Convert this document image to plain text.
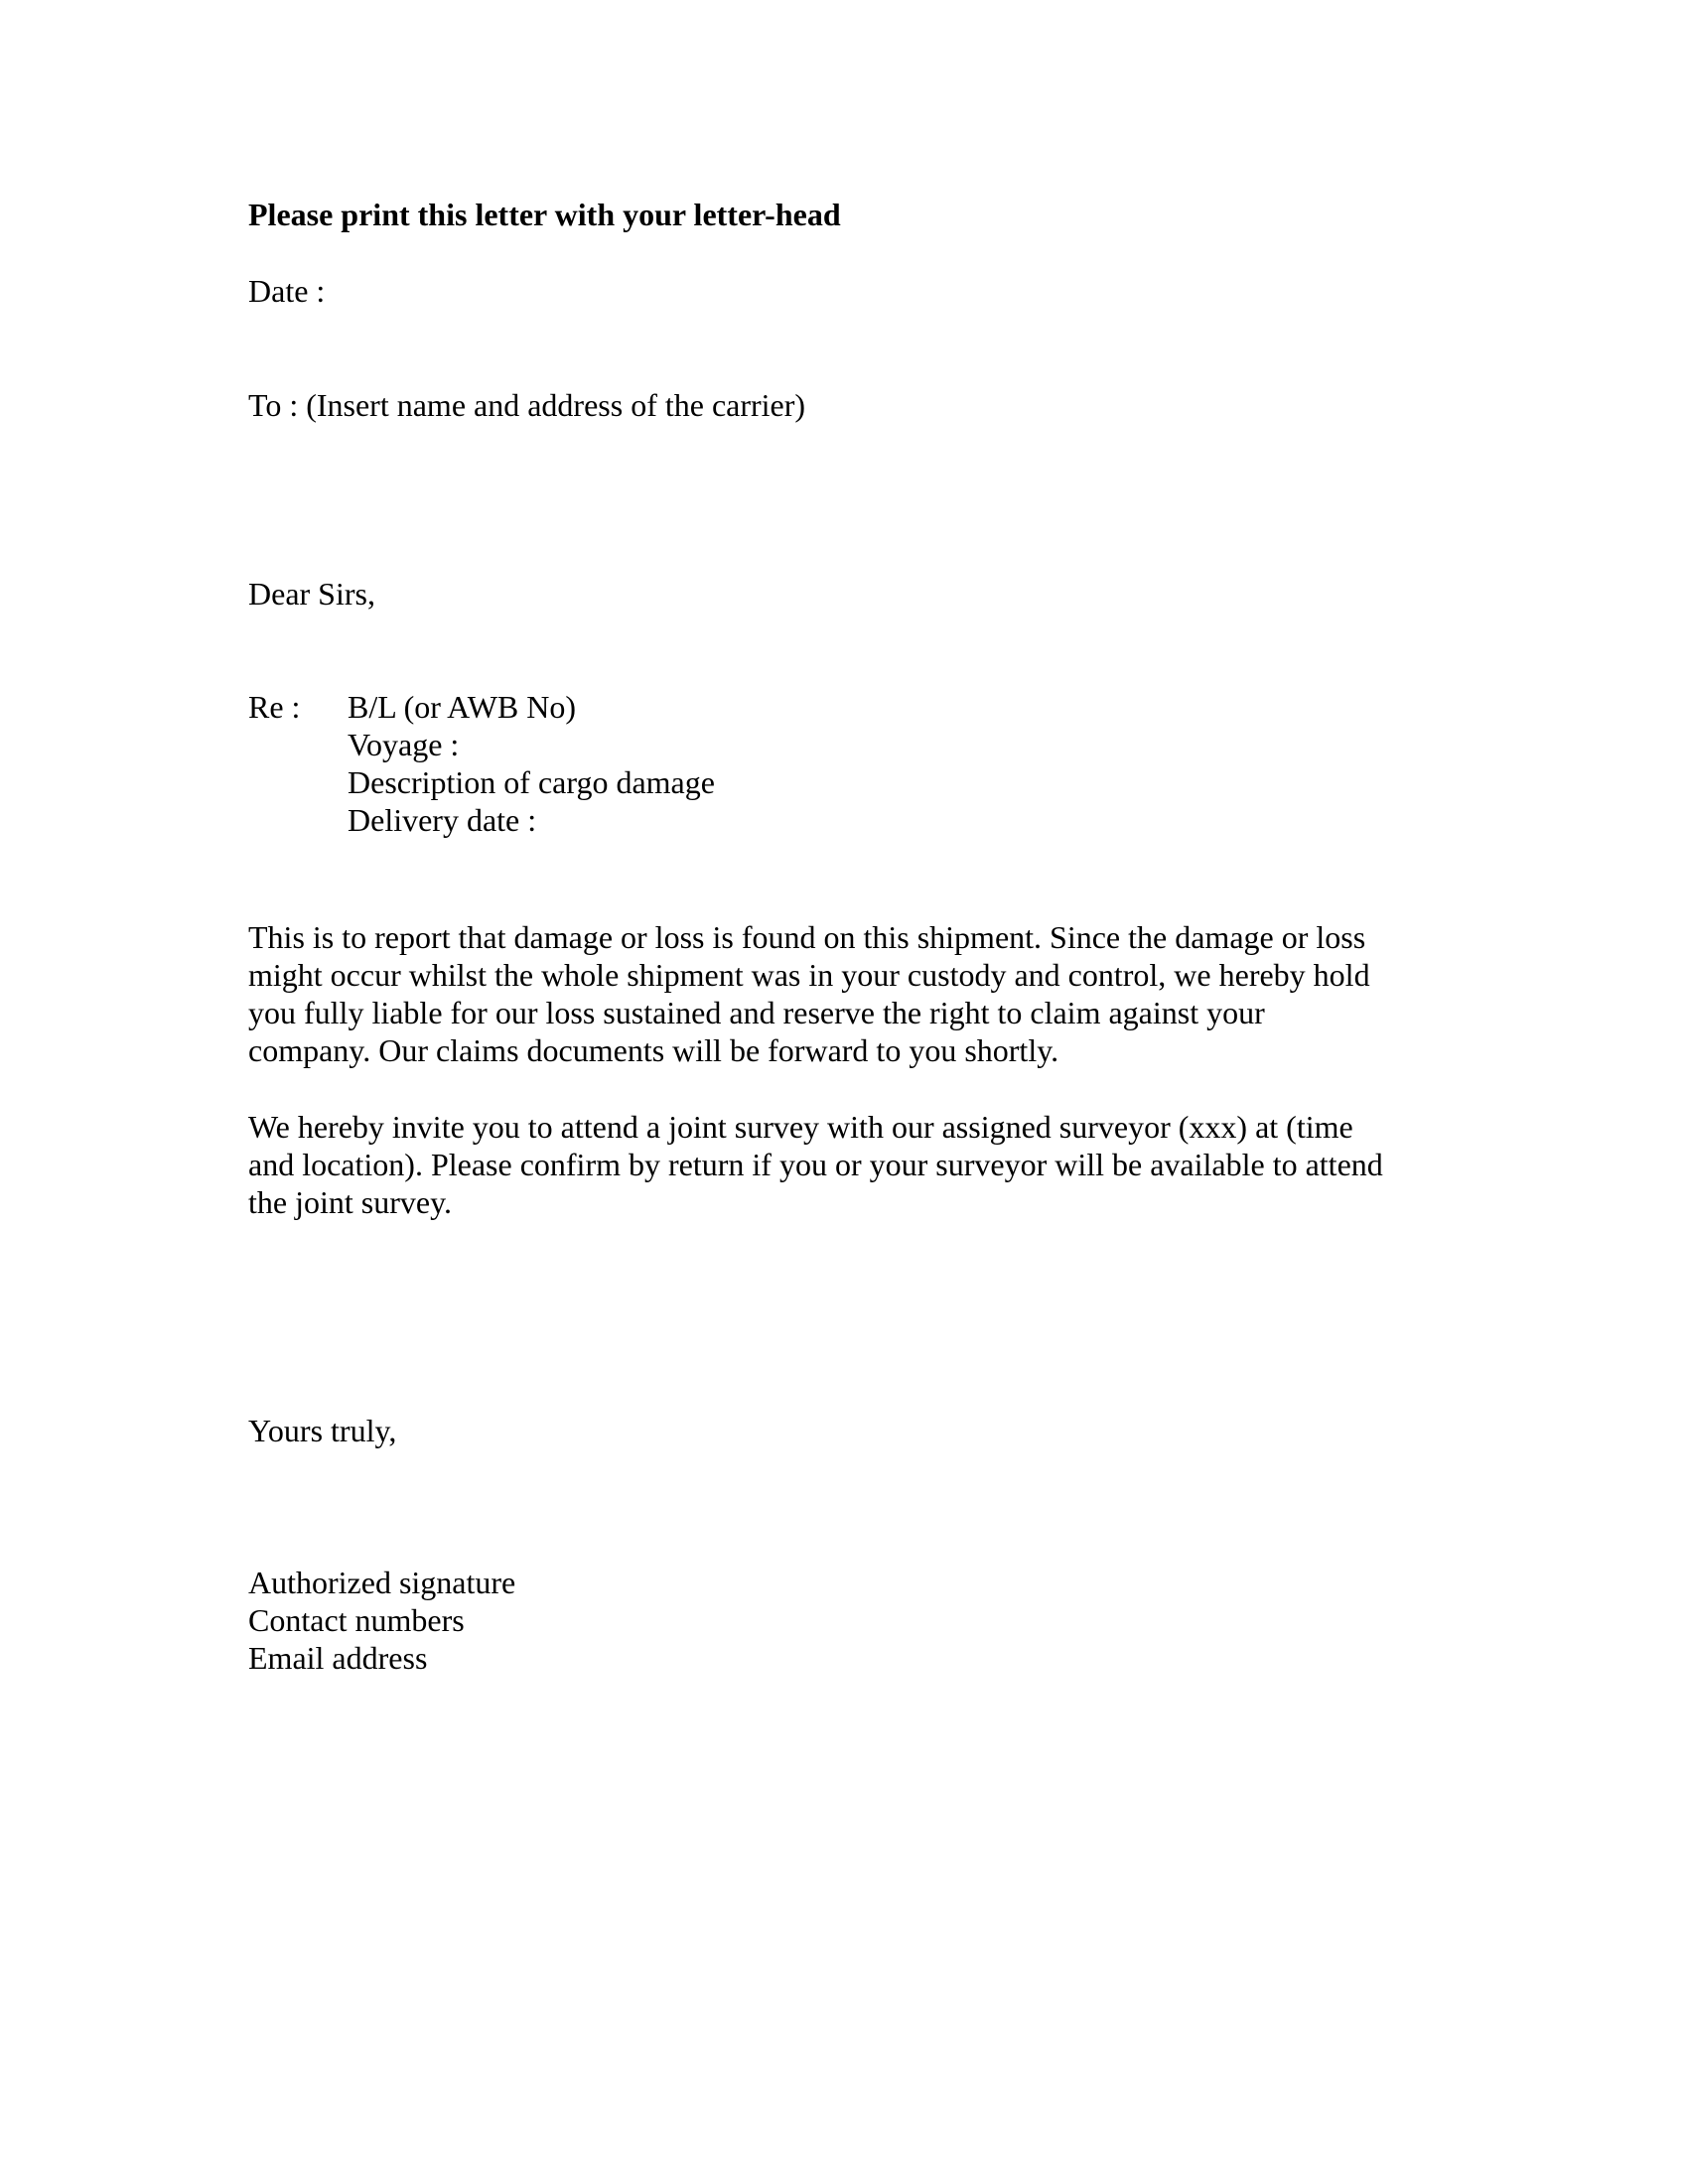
Please print this letter with your letter-head
Date :
To : (Insert name and address of the carrier)
Dear Sirs,
Re : B/L (or AWB No)
Voyage :
Description of cargo damage
Delivery date :
This is to report that damage or loss is found on this shipment. Since the damage or loss
might occur whilst the whole shipment was in your custody and control, we hereby hold
you fully liable for our loss sustained and reserve the right to claim against your
company. Our claims documents will be forward to you shortly.
We hereby invite you to attend a joint survey with our assigned surveyor (xxx) at (time
and location). Please confirm by return if you or your surveyor will be available to attend
the joint survey.
Yours truly,
Authorized signature
Contact numbers
Email address
